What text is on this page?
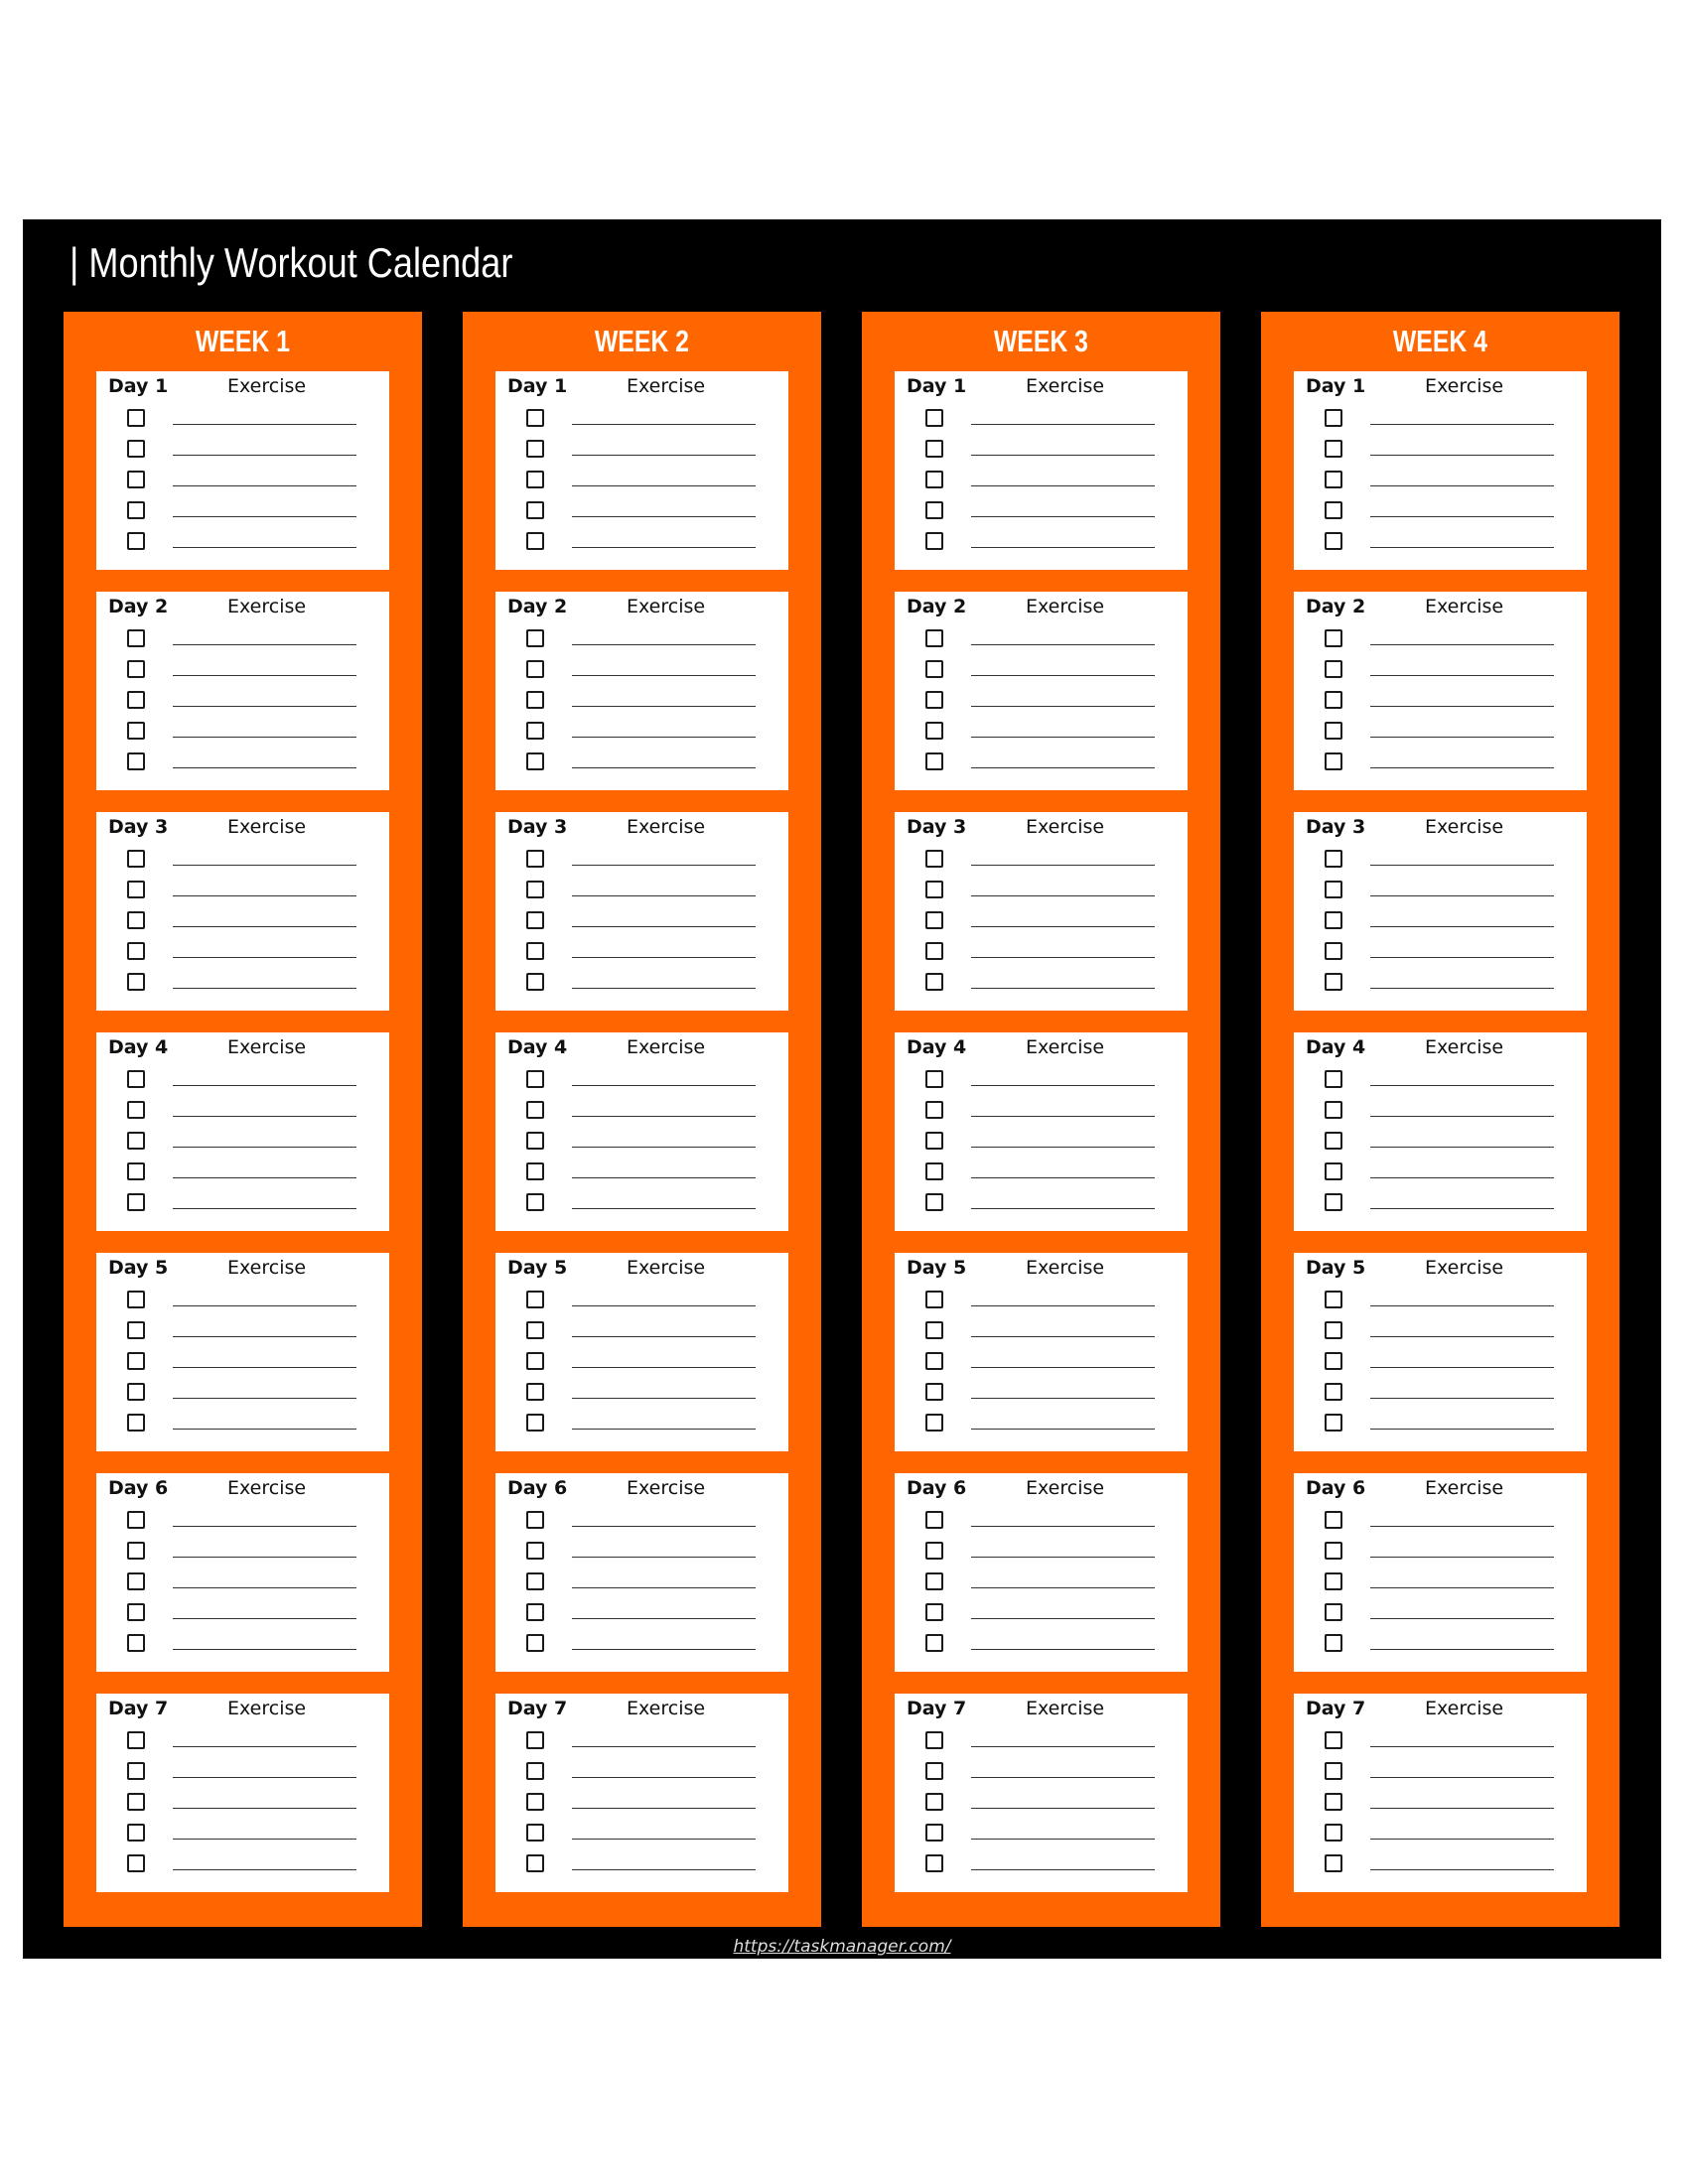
| Monthly Workout Calendar
WEEK 1
Day 1	Exercise
Day 2	Exercise
Day 3	Exercise
Day 4	Exercise
Day 5	Exercise
Day 6	Exercise
Day 7	Exercise
WEEK 2
Day 1	Exercise
Day 2	Exercise
Day 3	Exercise
Day 4	Exercise
Day 5	Exercise
Day 6	Exercise
Day 7	Exercise
WEEK 3
Day 1	Exercise
Day 2	Exercise
Day 3	Exercise
Day 4	Exercise
Day 5	Exercise
Day 6	Exercise
Day 7	Exercise
WEEK 4
Day 1	Exercise
Day 2	Exercise
Day 3	Exercise
Day 4	Exercise
Day 5	Exercise
Day 6	Exercise
Day 7	Exercise
https://taskmanager.com/
